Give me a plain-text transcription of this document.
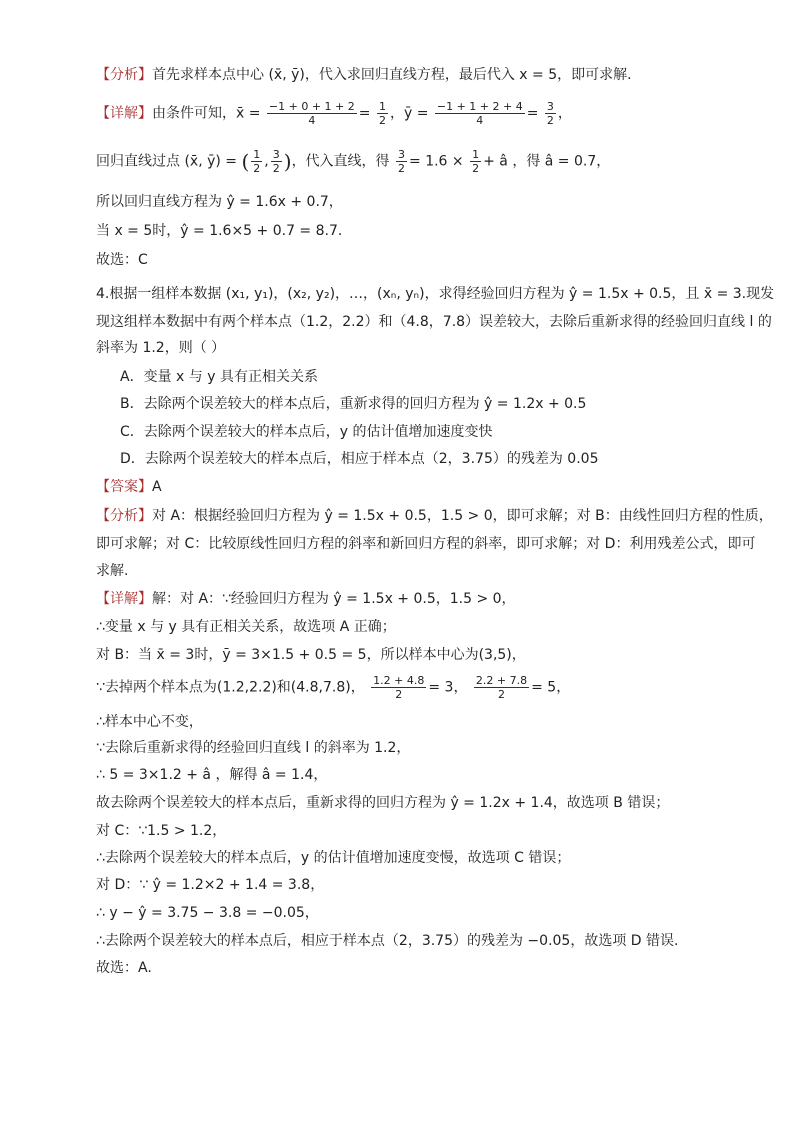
【分析】首先求样本点中心 (x̄, ȳ)，代入求回归直线方程，最后代入 x = 5，即可求解.
【详解】由条件可知，x̄ = $\frac{-1 + 0 + 1 + 2}{4} = \frac{1}{2}$ ，ȳ = $\frac{-1 + 1 + 2 + 4}{4} = \frac{3}{2}$ ，
回归直线过点 (x̄, ȳ) = ( $\frac{1}{2}$ , $\frac{3}{2}$ )，代入直线，得 $\frac{3}{2} = 1.6 \times \frac{1}{2}$ + â ，得 â = 0.7，
所以回归直线方程为 ŷ = 1.6x + 0.7，
当 x = 5时，ŷ = 1.6×5 + 0.7 = 8.7.
故选：C
4.根据一组样本数据 (x₁, y₁)，(x₂, y₂)，…，(xₙ, yₙ)，求得经验回归方程为 ŷ = 1.5x + 0.5，且 x̄ = 3.现发
现这组样本数据中有两个样本点（1.2，2.2）和（4.8，7.8）误差较大，去除后重新求得的经验回归直线 l 的
斜率为 1.2，则（ ）
A．变量 x 与 y 具有正相关关系
B．去除两个误差较大的样本点后，重新求得的回归方程为 ŷ = 1.2x + 0.5
C．去除两个误差较大的样本点后，y 的估计值增加速度变快
D．去除两个误差较大的样本点后，相应于样本点（2，3.75）的残差为 0.05
【答案】A
【分析】对 A：根据经验回归方程为 ŷ = 1.5x + 0.5，1.5 > 0，即可求解；对 B：由线性回归方程的性质，
即可求解；对 C：比较原线性回归方程的斜率和新回归方程的斜率，即可求解；对 D：利用残差公式，即可
求解.
【详解】解：对 A：∵经验回归方程为 ŷ = 1.5x + 0.5，1.5 > 0，
∴变量 x 与 y 具有正相关关系，故选项 A 正确；
对 B：当 x̄ = 3时，ȳ = 3×1.5 + 0.5 = 5，所以样本中心为(3,5)，
∵去掉两个样本点为(1.2,2.2)和(4.8,7.8)， $\frac{1.2 + 4.8}{2} = 3$， $\frac{2.2 + 7.8}{2} = 5$，
∴样本中心不变，
∵去除后重新求得的经验回归直线 l 的斜率为 1.2，
∴ 5 = 3×1.2 + â ，解得 â = 1.4，
故去除两个误差较大的样本点后，重新求得的回归方程为 ŷ = 1.2x + 1.4，故选项 B 错误；
对 C：∵1.5 > 1.2，
∴去除两个误差较大的样本点后，y 的估计值增加速度变慢，故选项 C 错误；
对 D：∵ ŷ = 1.2×2 + 1.4 = 3.8，
∴ y − ŷ = 3.75 − 3.8 = −0.05，
∴去除两个误差较大的样本点后，相应于样本点（2，3.75）的残差为 −0.05，故选项 D 错误.
故选：A.
